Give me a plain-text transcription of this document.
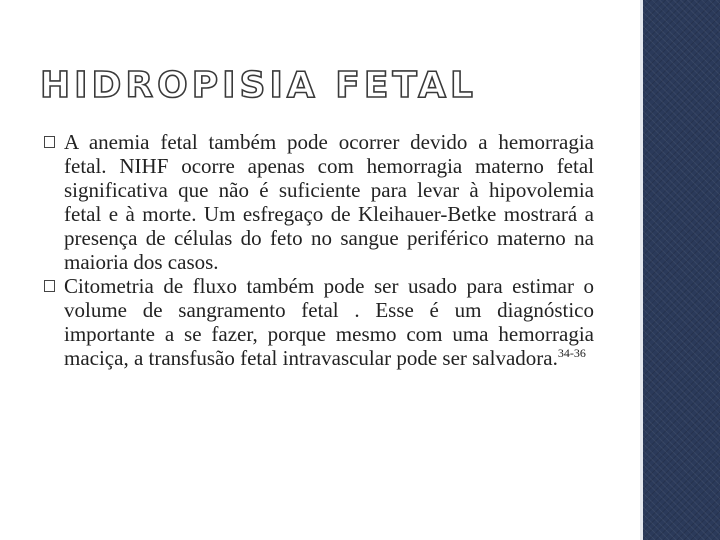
HIDROPISIA FETAL
A anemia fetal também pode ocorrer devido a hemorragia fetal. NIHF ocorre apenas com hemorragia materno fetal significativa que não é suficiente para levar à hipovolemia fetal e à morte. Um esfregaço de Kleihauer-Betke mostrará a presença de células do feto no sangue periférico materno na maioria dos casos.
Citometria de fluxo também pode ser usado para estimar o volume de sangramento fetal . Esse é um diagnóstico importante a se fazer, porque mesmo com uma hemorragia maciça, a transfusão fetal intravascular pode ser salvadora.$^{34-36}$
